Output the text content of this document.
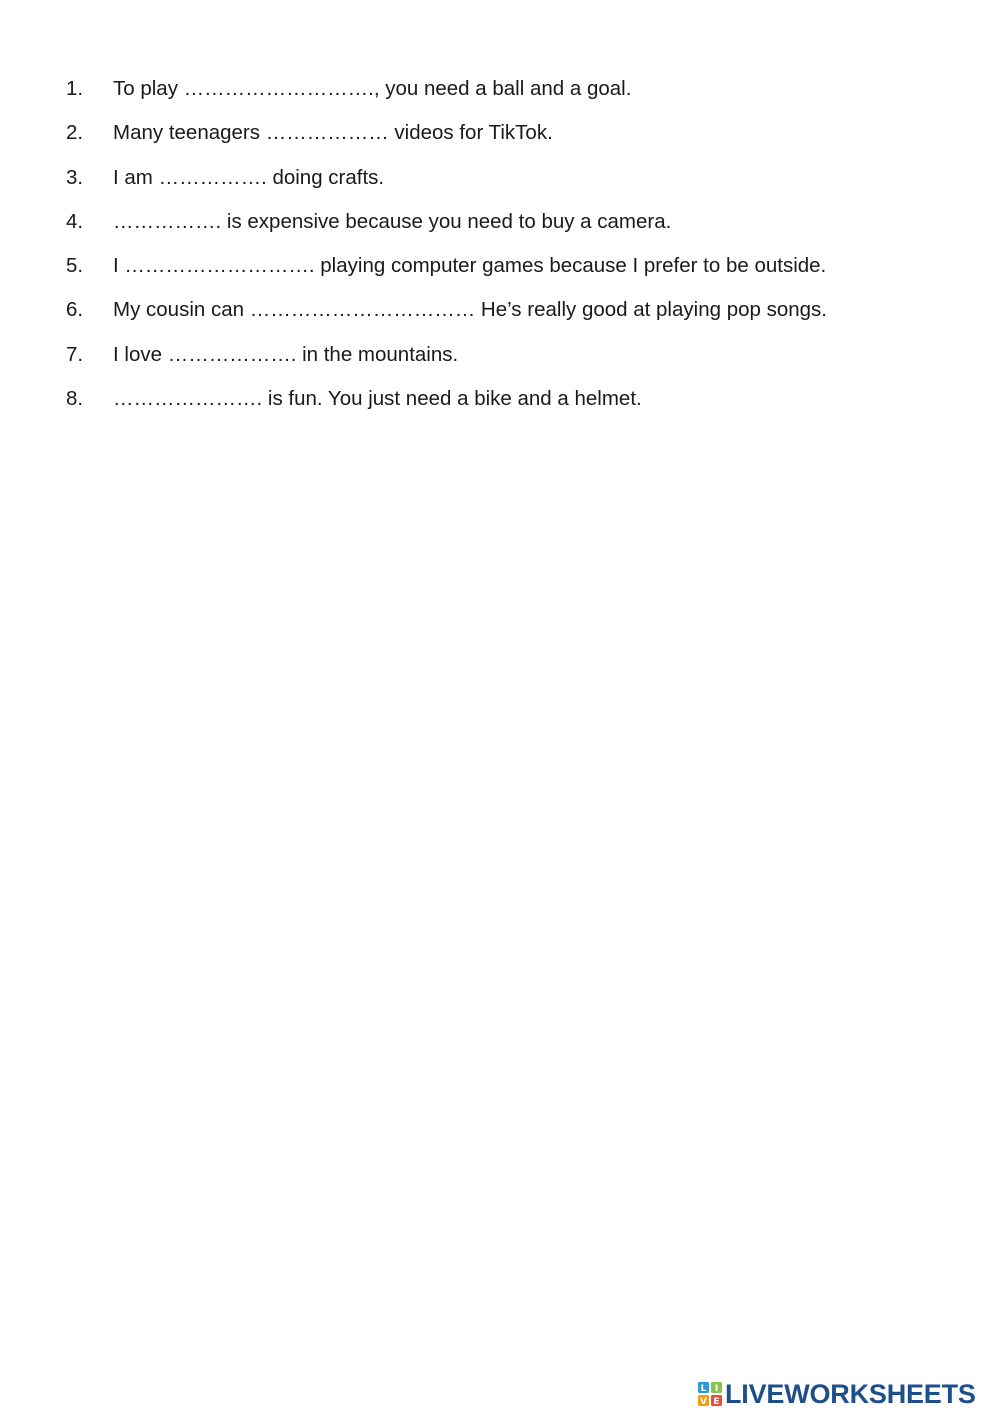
1.	To play ………………………., you need a ball and a goal.
2.	Many teenagers ……………… videos for TikTok.
3.	I am ……………. doing crafts.
4.	……………. is expensive because you need to buy a camera.
5.	I ………………………. playing computer games because I prefer to be outside.
6.	My cousin can …………………………… He’s really good at playing pop songs.
7.	I love ………………. in the mountains.
8.	…………………. is fun. You just need a bike and a helmet.
L I
V E LIVEWORKSHEETS
